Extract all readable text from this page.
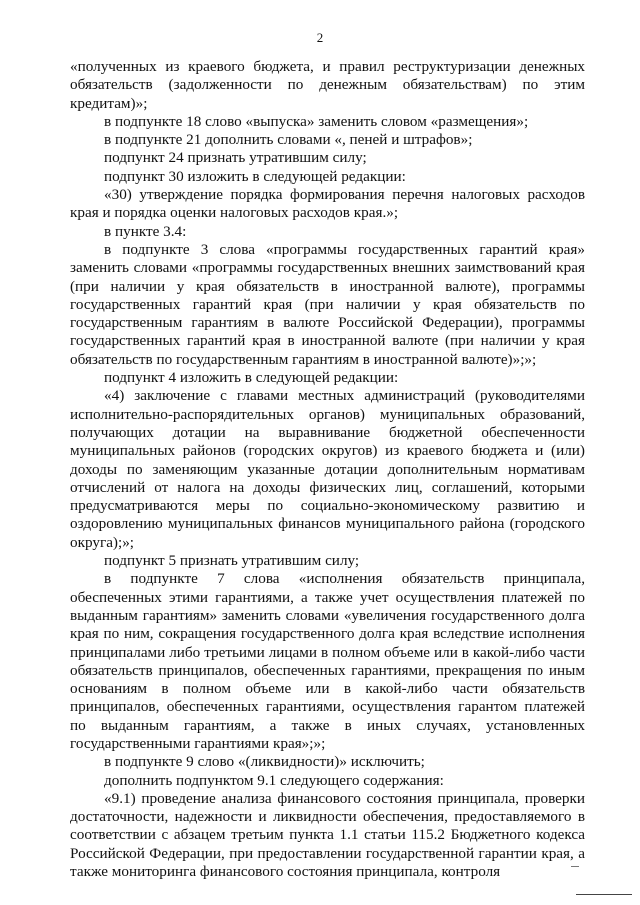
2

«полученных из краевого бюджета, и правил реструктуризации денежных обязательств (задолженности по денежным обязательствам) по этим кредитам)»;

в подпункте 18 слово «выпуска» заменить словом «размещения»;

в подпункте 21 дополнить словами «, пеней и штрафов»;

подпункт 24 признать утратившим силу;

подпункт 30 изложить в следующей редакции:

«30) утверждение порядка формирования перечня налоговых расходов края и порядка оценки налоговых расходов края.»;

в пункте 3.4:

в подпункте 3 слова «программы государственных гарантий края» заменить словами «программы государственных внешних заимствований края (при наличии у края обязательств в иностранной валюте), программы государственных гарантий края (при наличии у края обязательств по государственным гарантиям в валюте Российской Федерации), программы государственных гарантий края в иностранной валюте (при наличии у края обязательств по государственным гарантиям в иностранной валюте)»;»;

подпункт 4 изложить в следующей редакции:

«4) заключение с главами местных администраций (руководителями исполнительно-распорядительных органов) муниципальных образований, получающих дотации на выравнивание бюджетной обеспеченности муниципальных районов (городских округов) из краевого бюджета и (или) доходы по заменяющим указанные дотации дополнительным нормативам отчислений от налога на доходы физических лиц, соглашений, которыми предусматриваются меры по социально-экономическому развитию и оздоровлению муниципальных финансов муниципального района (городского округа);»;

подпункт 5 признать утратившим силу;

в подпункте 7 слова «исполнения обязательств принципала, обеспеченных этими гарантиями, а также учет осуществления платежей по выданным гарантиям» заменить словами «увеличения государственного долга края по ним, сокращения государственного долга края вследствие исполнения принципалами либо третьими лицами в полном объеме или в какой-либо части обязательств принципалов, обеспеченных гарантиями, прекращения по иным основаниям в полном объеме или в какой-либо части обязательств принципалов, обеспеченных гарантиями, осуществления гарантом платежей по выданным гарантиям, а также в иных случаях, установленных государственными гарантиями края»;»;

в подпункте 9 слово «(ликвидности)» исключить;

дополнить подпунктом 9.1 следующего содержания:

«9.1) проведение анализа финансового состояния принципала, проверки достаточности, надежности и ликвидности обеспечения, предоставляемого в соответствии с абзацем третьим пункта 1.1 статьи 115.2 Бюджетного кодекса Российской Федерации, при предоставлении государственной гарантии края, а также мониторинга финансового состояния принципала, контроля
